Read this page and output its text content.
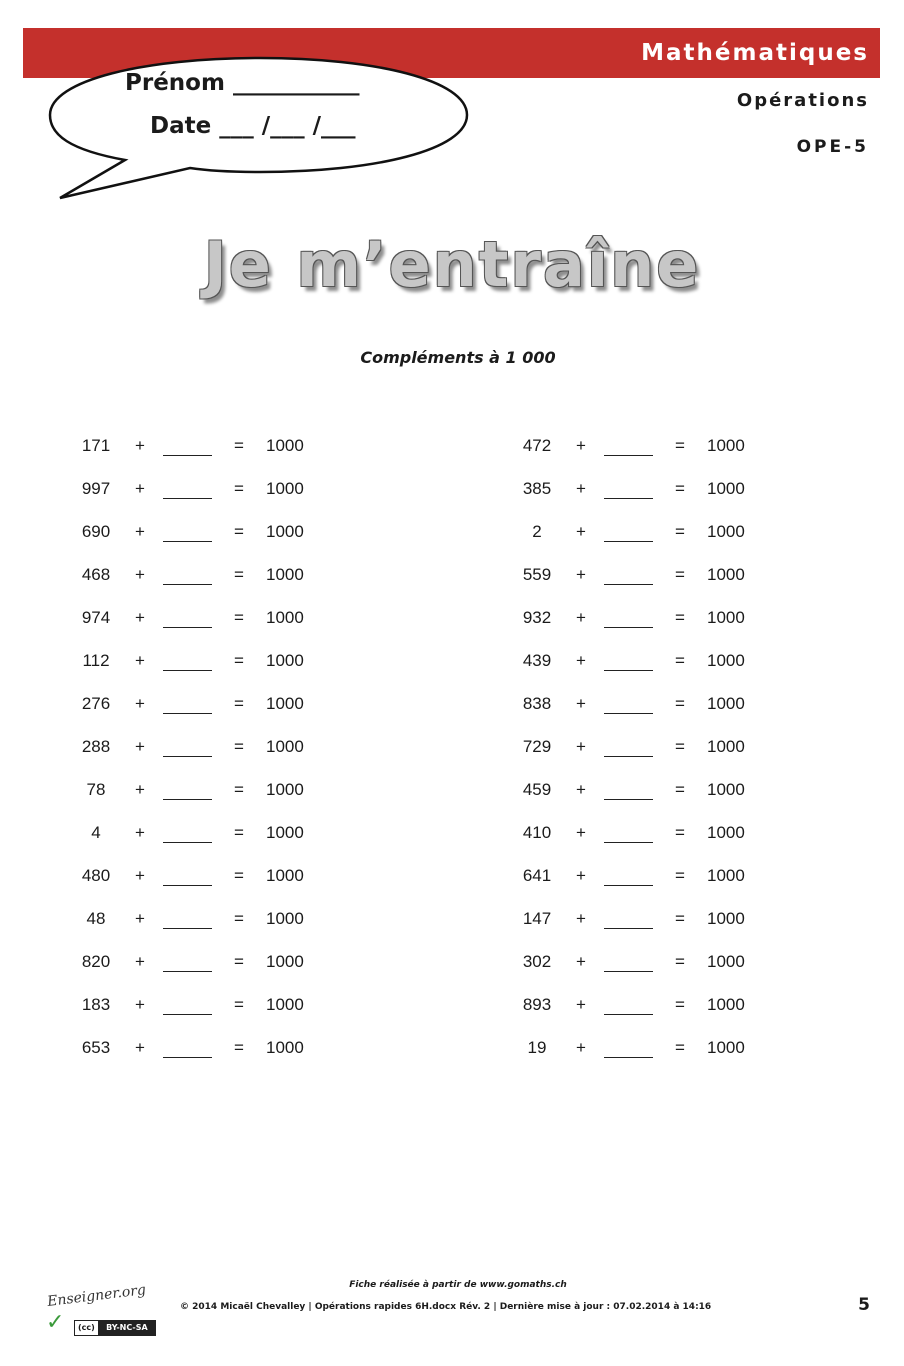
Mathématiques
Opérations
OPE-5
Prénom ___________
Date ___ /___ /___
Je m’entraîne
Compléments à 1 000
171	+	= 1000
997	+	= 1000
690	+	= 1000
468	+	= 1000
974	+	= 1000
112	+	= 1000
276	+	= 1000
288	+	= 1000
78	+	= 1000
4	+	= 1000
480	+	= 1000
48	+	= 1000
820	+	= 1000
183	+	= 1000
653	+	= 1000
472	+	= 1000
385	+	= 1000
2	+	= 1000
559	+	= 1000
932	+	= 1000
439	+	= 1000
838	+	= 1000
729	+	= 1000
459	+	= 1000
410	+	= 1000
641	+	= 1000
147	+	= 1000
302	+	= 1000
893	+	= 1000
19	+	= 1000
Fiche réalisée à partir de www.gomaths.ch
© 2014 Micaël Chevalley | Opérations rapides 6H.docx Rév. 2 | Dernière mise à jour : 07.02.2014 à 14:16	5
Enseigner.org
✓	(cc)	BY-NC-SA
